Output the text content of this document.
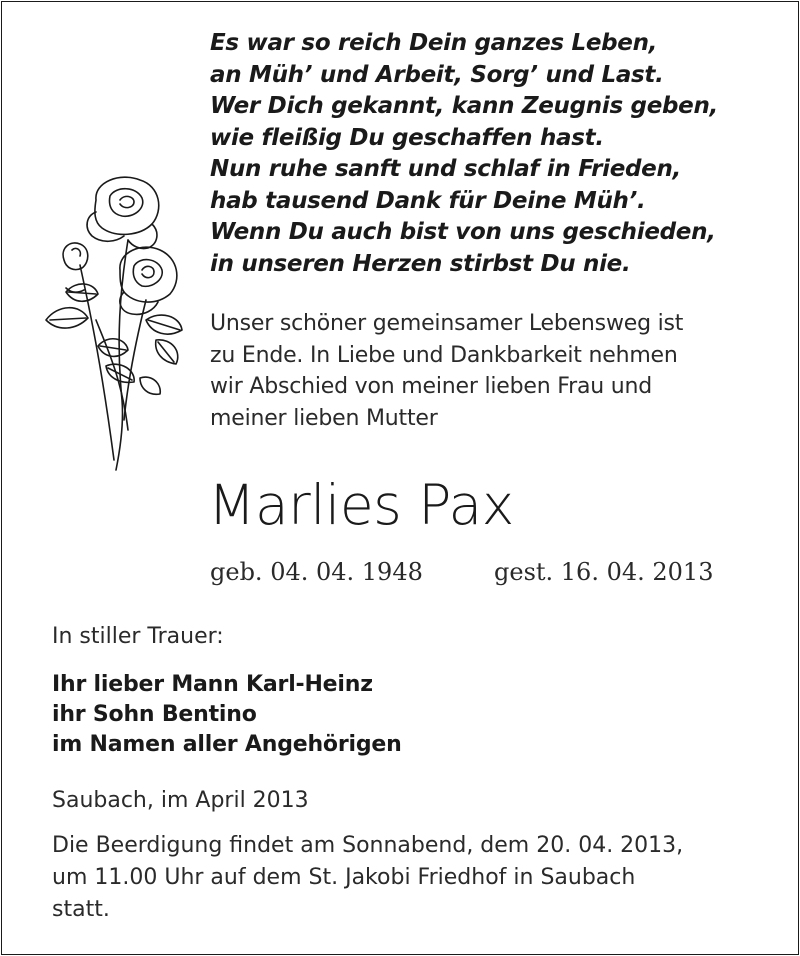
Es war so reich Dein ganzes Leben,
an Müh’ und Arbeit, Sorg’ und Last.
Wer Dich gekannt, kann Zeugnis geben,
wie fleißig Du geschaffen hast.
Nun ruhe sanft und schlaf in Frieden,
hab tausend Dank für Deine Müh’.
Wenn Du auch bist von uns geschieden,
in unseren Herzen stirbst Du nie.
Unser schöner gemeinsamer Lebensweg ist
zu Ende. In Liebe und Dankbarkeit nehmen
wir Abschied von meiner lieben Frau und
meiner lieben Mutter
Marlies Pax
geb. 04. 04. 1948	gest. 16. 04. 2013
In stiller Trauer:
Ihr lieber Mann Karl-Heinz
ihr Sohn Bentino
im Namen aller Angehörigen
Saubach, im April 2013
Die Beerdigung findet am Sonnabend, dem 20. 04. 2013,
um 11.00 Uhr auf dem St. Jakobi Friedhof in Saubach
statt.
